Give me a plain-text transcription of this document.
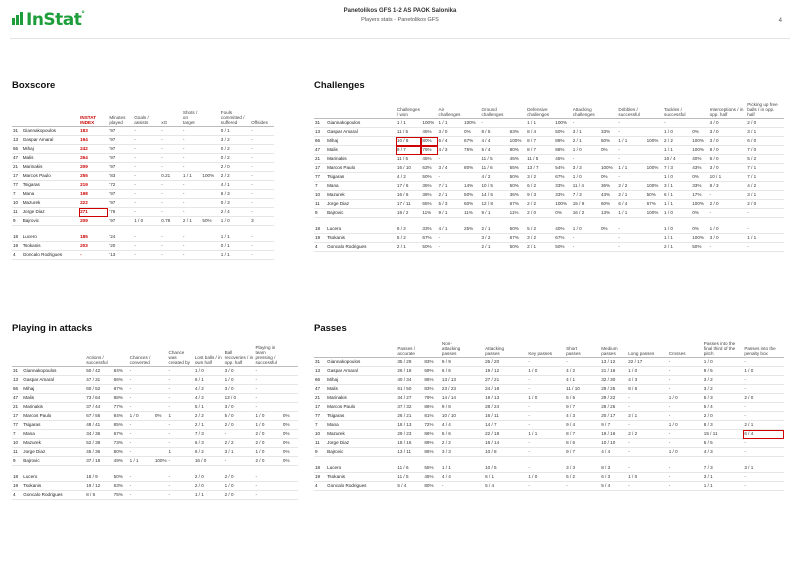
InStat°	Panetolikos GFS 1-2 AS PAOK Salonika
Players stats - Panetolikos GFS	4
Boxscore
		INSTAT INDEX	Minutes played	Goals / assists	xG	Shots / on target		Fouls committed / suffered	Offsides
31	Giannakopoulos	183	'97	-	-	-		0 / 1	-
13	Gaspar Amaral	194	'97	-	-	-		3 / 2	-
66	Mihaj	242	'97	-	-	-		0 / 2	-
47	Malis	264	'97	-	-	-		0 / 2	-
21	Marinakis	209	'97	-	-	-		2 / 0	-
17	Marcos Paulo	255	'83	-	0.21	1 / 1	100%	2 / 2	-
77	Tsigaras	219	'72	-	-	-		4 / 1	-
7	Mana	198	'97	-	-	-		6 / 3	-
10	Mazurek	222	'97	-	-	-		0 / 3	-
11	Jorge Diaz	271	'76	-	-	-		2 / 4	-
9	Bajrovic	209	'97	1 / 0	0.78	2 / 1	50%	1 / 0	3

18	Lucero	185	'24	-	-	-		1 / 1	-
19	Tsokanis	203	'20	-	-	-		0 / 1	-
4	Goncalo Rodrigues	-	'13	-	-	-		1 / 1	-
Challenges
		Challenges / won		Air challenges		Ground challenges		Defensive challenges		Attacking challenges		Dribbles / successful		Tackles / successful		Interceptions / in opp. half	Picking up free balls / in opp. half
31	Giannakopoulos	1 / 1	100%	1 / 1	100%	-		1 / 1	100%	-		-		-		4 / 0	2 / 0
13	Gaspar Amaral	11 / 5	45%	3 / 0	0%	8 / 5	63%	8 / 4	50%	3 / 1	33%	-		1 / 0	0%	3 / 0	3 / 1
66	Mihaj	10 / 8	80%	6 / 4	67%	4 / 4	100%	8 / 7	88%	2 / 1	50%	1 / 1	100%	2 / 2	100%	3 / 0	6 / 0
47	Malis	9 / 7	78%	4 / 3	75%	5 / 4	80%	8 / 7	88%	1 / 0	0%	-		1 / 1	100%	8 / 0	7 / 0
21	Marinakis	11 / 5	45%	-		11 / 5	45%	11 / 5	45%	-		-		10 / 4	40%	6 / 0	5 / 2
17	Marcos Paulo	16 / 10	63%	3 / 4	80%	11 / 6	55%	13 / 7	54%	3 / 3	100%	1 / 1	100%	7 / 3	43%	3 / 0	7 / 1
77	Tsigaras	4 / 2	50%	-		4 / 2	50%	3 / 2	67%	1 / 0	0%	-		1 / 0	0%	10 / 1	7 / 1
7	Mana	17 / 6	35%	7 / 1	14%	10 / 5	50%	6 / 2	33%	11 / 4	36%	2 / 2	100%	3 / 1	33%	8 / 3	4 / 2
10	Mazurek	16 / 6	38%	2 / 1	50%	14 / 5	36%	9 / 3	33%	7 / 3	43%	2 / 1	50%	6 / 1	17%	-	3 / 1
11	Jorge Diaz	17 / 11	65%	5 / 3	60%	12 / 8	67%	2 / 2	100%	15 / 9	60%	6 / 4	67%	1 / 1	100%	2 / 0	2 / 0
9	Bajrovic	18 / 2	11%	9 / 1	11%	9 / 1	11%	2 / 0	0%	16 / 2	13%	1 / 1	100%	1 / 0	0%	-	-

18	Lucero	6 / 2	33%	4 / 1	25%	2 / 1	50%	5 / 2	40%	1 / 0	0%	-		1 / 0	0%	1 / 0	-
19	Tsokanis	5 / 2	67%	-		3 / 2	67%	3 / 2	67%	-		-		1 / 1	100%	3 / 0	1 / 1
4	Goncalo Rodrigues	2 / 1	50%	-		2 / 1	50%	2 / 1	50%	-		-		2 / 1	50%	-	-
Playing in attacks
		Actions / successful		Chances / converted		Chance was created by	Lost balls / in own half	Ball recoveries / in opp. half	Playing in team pressing / successful	
31	Giannakopoulos	50 / 42	84%	-		-	1 / 0	3 / 0	-	
13	Gaspar Amaral	47 / 31	66%	-		-	6 / 1	1 / 0	-	
66	Mihaj	60 / 52	87%	-		-	4 / 2	3 / 0	-	
47	Malis	73 / 64	88%	-		-	4 / 2	13 / 0	-	
21	Marinakis	37 / 44	77%	-		-	5 / 1	3 / 0	-	
17	Marcos Paulo	67 / 56	84%	1 / 0	0%	1	2 / 2	5 / 0	1 / 0	0%
77	Tsigaras	48 / 41	85%	-		-	2 / 1	2 / 0	1 / 0	0%
7	Mana	34 / 36	67%	-		-	7 / 3	-	2 / 0	0%
10	Mazurek	52 / 38	73%	-		-	6 / 3	2 / 2	2 / 0	0%
11	Jorge Diaz	45 / 36	80%	-		1	6 / 2	3 / 1	1 / 0	0%
9	Bajrovic	37 / 18	49%	1 / 1	100%	-	16 / 0	-	2 / 0	0%

18	Lucero	18 / 9	50%	-		-	2 / 0	2 / 0	-	
19	Tsokanis	19 / 12	63%	-		-	2 / 0	1 / 0	-	
4	Goncalo Rodrigues	8 / 6	75%	-		-	1 / 1	2 / 0	-	
Passes
		Passes / accurate		Non-attacking passes		Attacking passes		Key passes		Short passes		Medium passes	Long passes		Crosses		Passes into the final third of the pitch	Passes into the penalty box
31	Giannakopoulos	35 / 29	83%	9 / 9		26 / 20		-		-		13 / 12	22 / 17		-		1 / 0	-
13	Gaspar Amaral	26 / 18	69%	6 / 6		19 / 12		1 / 0		4 / 2		21 / 16	1 / 0		-		9 / 5	1 / 0
66	Mihaj	40 / 34	85%	13 / 13		27 / 21		-		4 / 1		32 / 30	4 / 3		-		3 / 2	-
47	Malis	61 / 50	83%	23 / 23		24 / 18		-		11 / 10		29 / 25	8 / 6		-		3 / 2	-
21	Marinakis	34 / 27	79%	14 / 14		19 / 13		1 / 0		5 / 5		29 / 22	-		1 / 0		5 / 3	2 / 0
17	Marcos Paulo	37 / 32	86%	9 / 8		28 / 24		-		9 / 7		28 / 25	-		-		5 / 4	-
77	Tsigaras	26 / 21	81%	10 / 10		16 / 11		-		4 / 3		20 / 17	2 / 1		-		2 / 0	-
7	Mana	18 / 13	72%	4 / 4		14 / 7		-		9 / 4		9 / 7	-		1 / 0		8 / 3	2 / 1
10	Mazurek	29 / 23	86%	6 / 6		22 / 18		1 / 1		8 / 7		19 / 16	2 / 2		-		15 / 11	6 / 4
11	Jorge Diaz	18 / 16	89%	2 / 2		16 / 14		-		8 / 6		10 / 10	-		-		5 / 5	-
9	Bajrovic	13 / 11	85%	3 / 3		10 / 8		-		9 / 7		4 / 4	-		1 / 0		4 / 3	-

18	Lucero	11 / 6	55%	1 / 1		10 / 5		-		3 / 3		8 / 3	-		-		7 / 3	3 / 1
19	Tsokanis	11 / 5	45%	4 / 4		6 / 1		1 / 0		6 / 2		6 / 3	1 / 0		-		3 / 1	-
4	Goncalo Rodrigues	5 / 4	80%	-		5 / 4		-		-		5 / 4	-		-		1 / 1	-
